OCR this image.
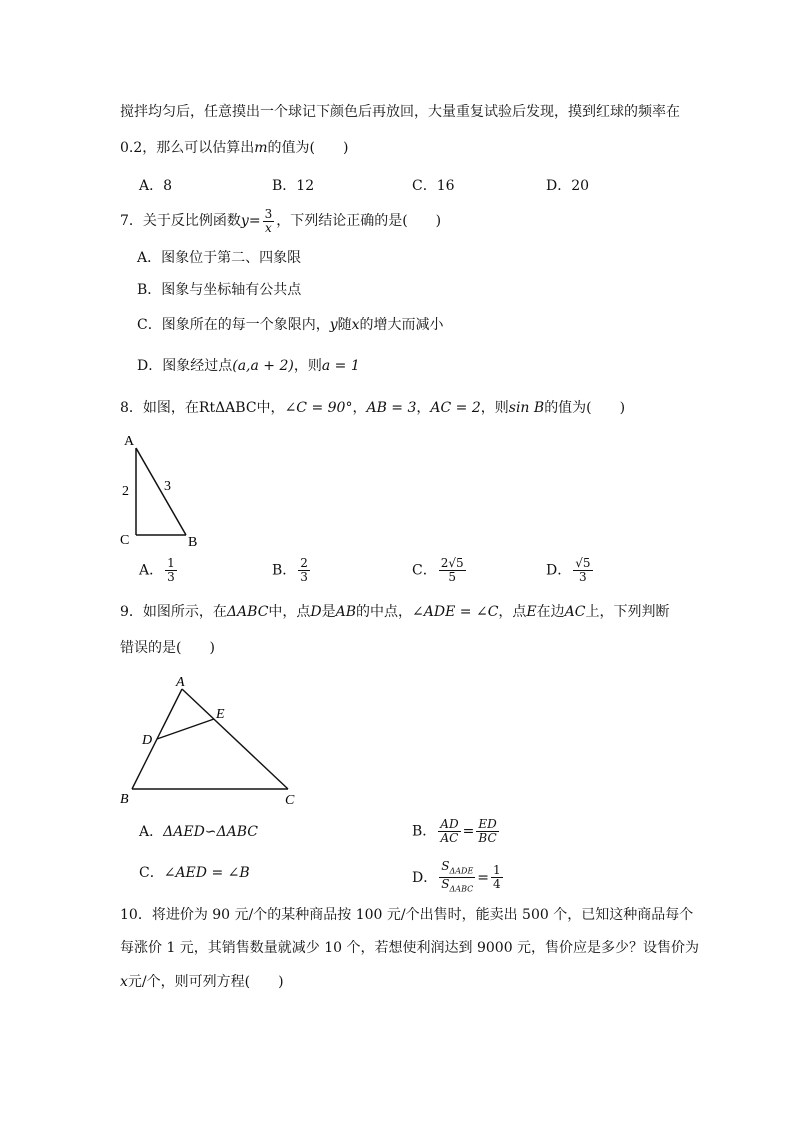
搅拌均匀后，任意摸出一个球记下颜色后再放回，大量重复试验后发现，摸到红球的频率在
0.2，那么可以估算出m的值为(　　)
A．8	B．12	C．16	D．20
7．关于反比例函数$y= \frac{3}{x}$ ，下列结论正确的是(　　)
A．图象位于第二、四象限
B．图象与坐标轴有公共点
C．图象所在的每一个象限内，y随x的增大而减小
D．图象经过点(a,a + 2)，则a = 1
8．如图，在RtΔABC中，∠C = 90°，AB = 3，AC = 2，则sin B的值为(　　)
A
C	B
2	3
A． $\frac{1}{3}$	B． $\frac{2}{3}$	C． $\frac{2√5}{5}$	D． $\frac{√5}{3}$
9．如图所示，在ΔABC中，点D是AB的中点，∠ADE = ∠C，点E在边AC上，下列判断
错误的是(　　)
A
E
D
B	C
A．ΔAED∽ΔABC	B． $\frac{AD}{AC} = \frac{ED}{BC}$
C．∠AED = ∠B	D． $\frac{S_{\Delta ADE}}{S_{\Delta ABC}} = \frac{1}{4}$
10．将进价为 90 元/个的某种商品按 100 元/个出售时，能卖出 500 个，已知这种商品每个
每涨价 1 元，其销售数量就减少 10 个，若想使利润达到 9000 元，售价应是多少？设售价为
x元/个，则可列方程(　　)
